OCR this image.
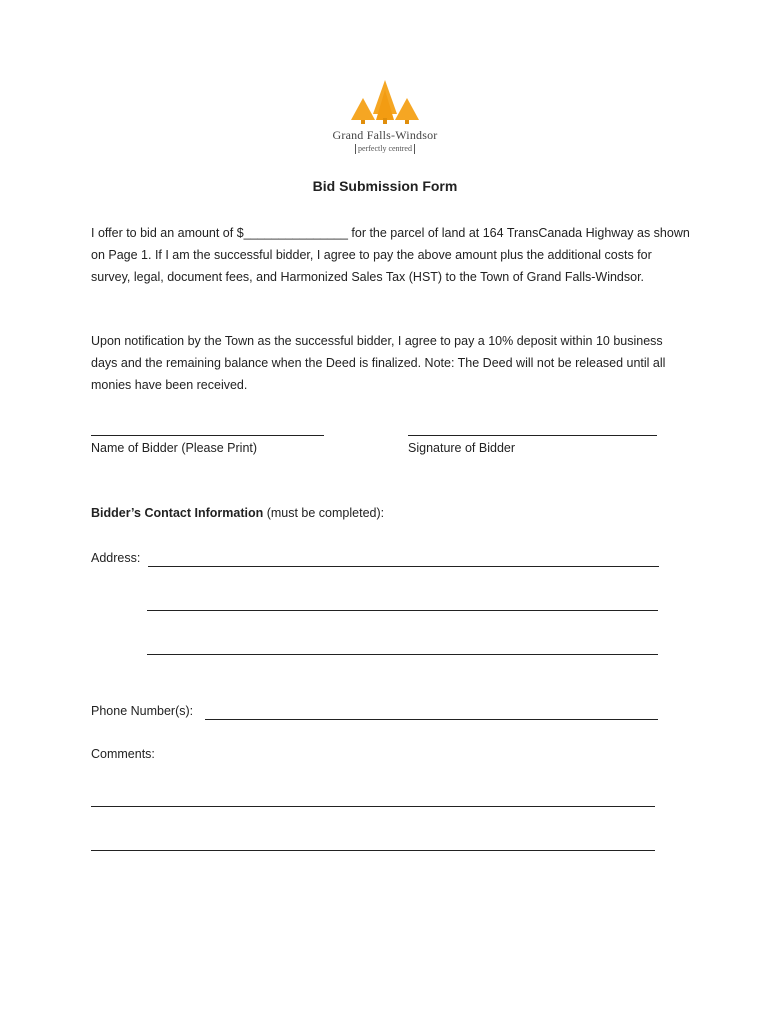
Grand Falls-Windsor
perfectly centred
Bid Submission Form
I offer to bid an amount of $_______________ for the parcel of land at 164 TransCanada Highway as shown on Page 1. If I am the successful bidder, I agree to pay the above amount plus the additional costs for survey, legal, document fees, and Harmonized Sales Tax (HST) to the Town of Grand Falls-Windsor.
Upon notification by the Town as the successful bidder, I agree to pay a 10% deposit within 10 business days and the remaining balance when the Deed is finalized. Note: The Deed will not be released until all monies have been received.
Name of Bidder (Please Print)	Signature of Bidder
Bidder’s Contact Information (must be completed):
Address:
Phone Number(s):
Comments:
